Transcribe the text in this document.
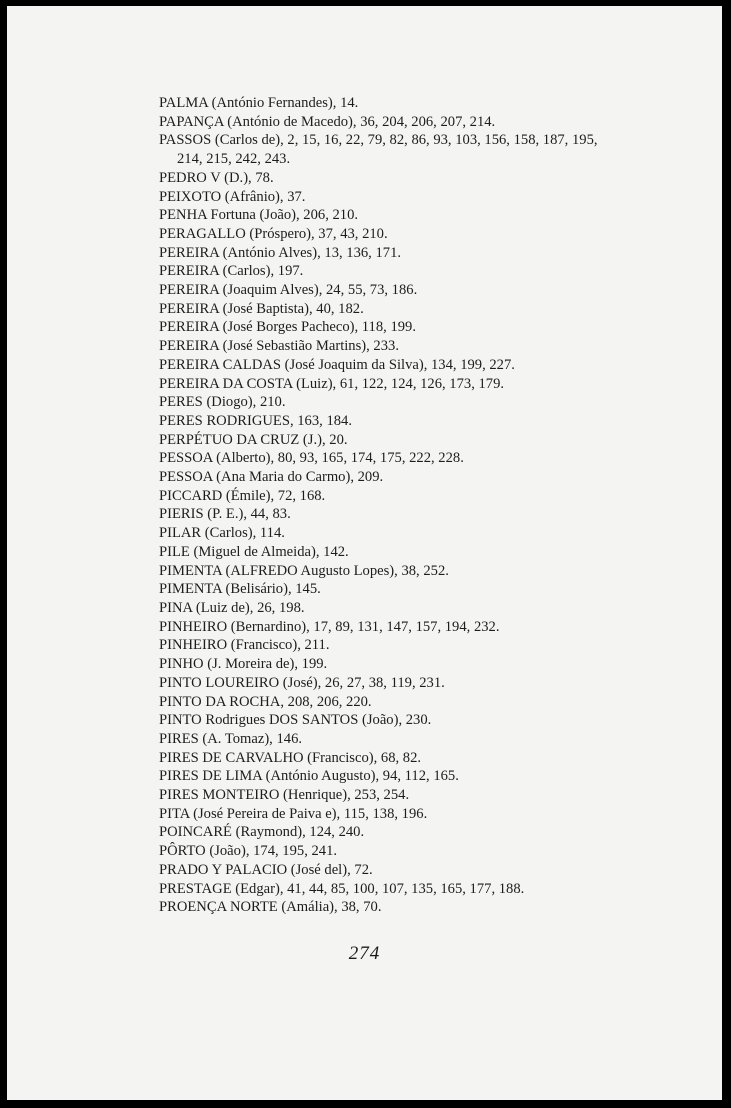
PALMA (António Fernandes), 14.
PAPANÇA (António de Macedo), 36, 204, 206, 207, 214.
PASSOS (Carlos de), 2, 15, 16, 22, 79, 82, 86, 93, 103, 156, 158, 187, 195,
214, 215, 242, 243.
PEDRO V (D.), 78.
PEIXOTO (Afrânio), 37.
PENHA Fortuna (João), 206, 210.
PERAGALLO (Próspero), 37, 43, 210.
PEREIRA (António Alves), 13, 136, 171.
PEREIRA (Carlos), 197.
PEREIRA (Joaquim Alves), 24, 55, 73, 186.
PEREIRA (José Baptista), 40, 182.
PEREIRA (José Borges Pacheco), 118, 199.
PEREIRA (José Sebastião Martins), 233.
PEREIRA CALDAS (José Joaquim da Silva), 134, 199, 227.
PEREIRA DA COSTA (Luiz), 61, 122, 124, 126, 173, 179.
PERES (Diogo), 210.
PERES RODRIGUES, 163, 184.
PERPÉTUO DA CRUZ (J.), 20.
PESSOA (Alberto), 80, 93, 165, 174, 175, 222, 228.
PESSOA (Ana Maria do Carmo), 209.
PICCARD (Émile), 72, 168.
PIERIS (P. E.), 44, 83.
PILAR (Carlos), 114.
PILE (Miguel de Almeida), 142.
PIMENTA (ALFREDO Augusto Lopes), 38, 252.
PIMENTA (Belisário), 145.
PINA (Luiz de), 26, 198.
PINHEIRO (Bernardino), 17, 89, 131, 147, 157, 194, 232.
PINHEIRO (Francisco), 211.
PINHO (J. Moreira de), 199.
PINTO LOUREIRO (José), 26, 27, 38, 119, 231.
PINTO DA ROCHA, 208, 206, 220.
PINTO Rodrigues DOS SANTOS (João), 230.
PIRES (A. Tomaz), 146.
PIRES DE CARVALHO (Francisco), 68, 82.
PIRES DE LIMA (António Augusto), 94, 112, 165.
PIRES MONTEIRO (Henrique), 253, 254.
PITA (José Pereira de Paiva e), 115, 138, 196.
POINCARÉ (Raymond), 124, 240.
PÔRTO (João), 174, 195, 241.
PRADO Y PALACIO (José del), 72.
PRESTAGE (Edgar), 41, 44, 85, 100, 107, 135, 165, 177, 188.
PROENÇA NORTE (Amália), 38, 70.
274
